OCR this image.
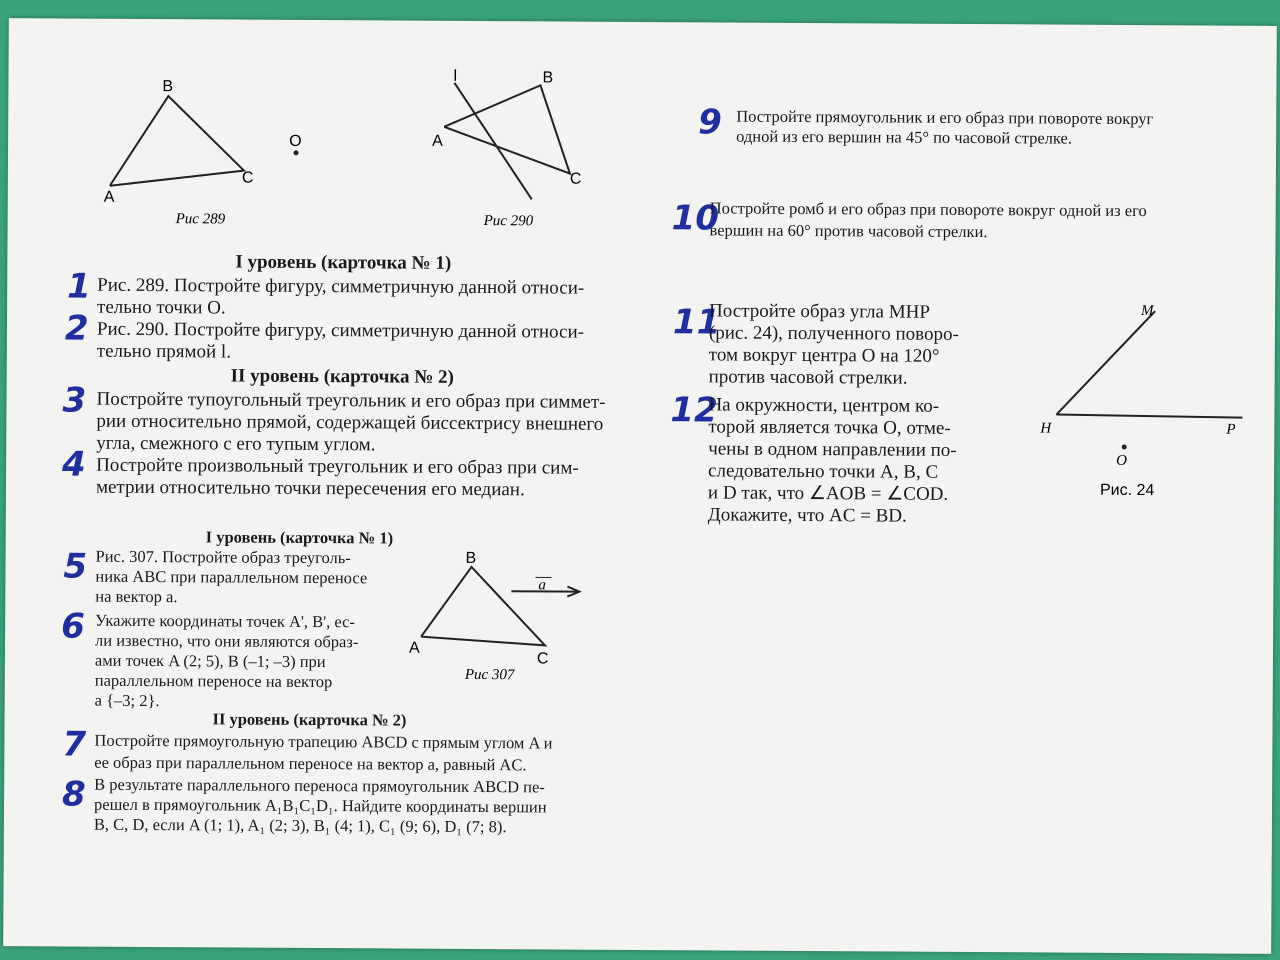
B
A
C
O
Рис 289
l	B
A
C
Рис 290
B
A
C
a
Рис 307
M
H	P
O
Рис. 24
1
2
3
4
5
6
7
8
9
10
11
12
I уровень (карточка № 1)
Рис. 289. Постройте фигуру, симметричную данной относи-
тельно точки O.
Рис. 290. Постройте фигуру, симметричную данной относи-
тельно прямой l.
II уровень (карточка № 2)
Постройте тупоугольный треугольник и его образ при симмет-
рии относительно прямой, содержащей биссектрису внешнего
угла, смежного с его тупым углом.
Постройте произвольный треугольник и его образ при сим-
метрии относительно точки пересечения его медиан.
I уровень (карточка № 1)
Рис. 307. Постройте образ треуголь-
ника ABC при параллельном переносе
на вектор a.
Укажите координаты точек A', B', ес-
ли известно, что они являются образ-
ами точек A (2; 5), B (–1; –3) при
параллельном переносе на вектор
a {–3; 2}.
II уровень (карточка № 2)
Постройте прямоугольную трапецию ABCD с прямым углом A и
ее образ при параллельном переносе на вектор a, равный AC.
В результате параллельного переноса прямоугольник ABCD пе-
решел в прямоугольник A₁B₁C₁D₁. Найдите координаты вершин
B, C, D, если A (1; 1), A₁ (2; 3), B₁ (4; 1), C₁ (9; 6), D₁ (7; 8).
Постройте прямоугольник и его образ при повороте вокруг
одной из его вершин на 45° по часовой стрелке.
Постройте ромб и его образ при повороте вокруг одной из его
вершин на 60° против часовой стрелки.
Постройте образ угла MHP
(рис. 24), полученного поворо-
том вокруг центра O на 120°
против часовой стрелки.
На окружности, центром ко-
торой является точка O, отме-
чены в одном направлении по-
следовательно точки A, B, C
и D так, что ∠AOB = ∠COD.
Докажите, что AC = BD.
